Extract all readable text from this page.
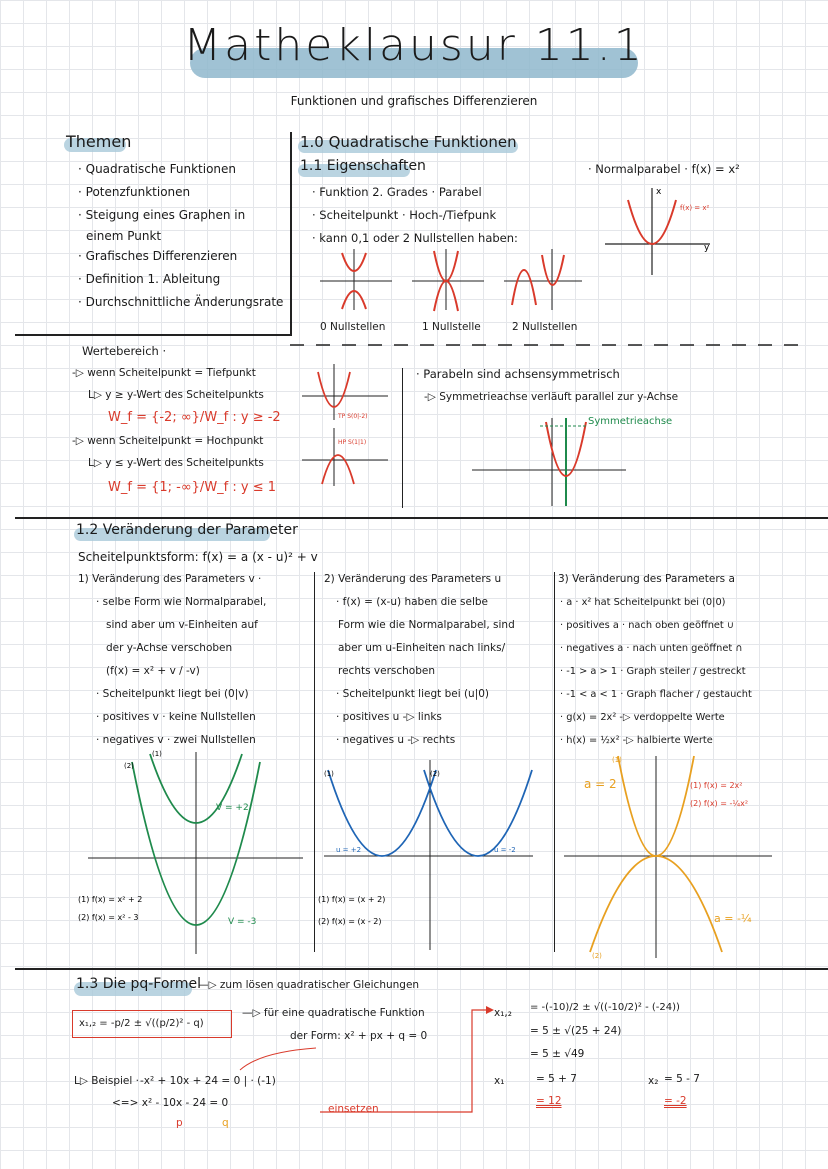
Matheklausur 11.1
Funktionen und grafisches Differenzieren
Themen
· Quadratische Funktionen
· Potenzfunktionen
· Steigung eines Graphen in
einem Punkt
· Grafisches Differenzieren
· Definition 1. Ableitung
· Durchschnittliche Änderungsrate
1.0 Quadratische Funktionen
1.1 Eigenschaften
· Funktion 2. Grades · Parabel
· Scheitelpunkt · Hoch-/Tiefpunk
· kann 0,1 oder 2 Nullstellen haben:
· Normalparabel · f(x) = x²
f(x) = x²
x
y
0 Nullstellen	1 Nullstelle	2 Nullstellen
Wertebereich ·
-▷ wenn Scheitelpunkt = Tiefpunkt
L▷ y ≥ y-Wert des Scheitelpunkts
W_f = {-2; ∞}/W_f : y ≥ -2
-▷ wenn Scheitelpunkt = Hochpunkt
L▷ y ≤ y-Wert des Scheitelpunkts
W_f = {1; -∞}/W_f : y ≤ 1
TP S(0|-2)
HP S(1|1)
· Parabeln sind achsensymmetrisch
-▷ Symmetrieachse verläuft parallel zur y-Achse
Symmetrieachse
1.2 Veränderung der Parameter
Scheitelpunktsform: f(x) = a (x - u)² + v
1) Veränderung des Parameters v ·
· selbe Form wie Normalparabel,
sind aber um v-Einheiten auf
der y-Achse verschoben
(f(x) = x² + v / -v)
· Scheitelpunkt liegt bei (0|v)
· positives v · keine Nullstellen
· negatives v · zwei Nullstellen
(1)
(2)
V = +2
V = -3
(1) f(x) = x² + 2
(2) f(x) = x² - 3
2) Veränderung des Parameters u
· f(x) = (x-u) haben die selbe
Form wie die Normalparabel, sind
aber um u-Einheiten nach links/
rechts verschoben
· Scheitelpunkt liegt bei (u|0)
· positives u -▷ links
· negatives u -▷ rechts
(1)	(2)
u = +2	u = -2
(1) f(x) = (x + 2)
(2) f(x) = (x - 2)
3) Veränderung des Parameters a
· a · x² hat Scheitelpunkt bei (0|0)
· positives a · nach oben geöffnet ∪
· negatives a · nach unten geöffnet ∩
· -1 > a > 1 · Graph steiler / gestreckt
· -1 < a < 1 · Graph flacher / gestaucht
· g(x) = 2x² -▷ verdoppelte Werte
· h(x) = ½x² -▷ halbierte Werte
a = 2
a = -¼
(1)
(2)
(1) f(x) = 2x²
(2) f(x) = -¼x²
1.3 Die pq-Formel
—▷ zum lösen quadratischer Gleichungen
x₁,₂ = -p/2 ± √((p/2)² - q)
—▷ für eine quadratische Funktion
der Form: x² + px + q = 0
L▷ Beispiel · -x² + 10x + 24 = 0 | · (-1)
<=> x² - 10x - 24 = 0
p	q
einsetzen
x₁,₂ = -(-10)/2 ± √((-10/2)² - (-24))
= 5 ± √(25 + 24)
= 5 ± √49
x₁	= 5 + 7
= 12
x₂ = 5 - 7
= -2
